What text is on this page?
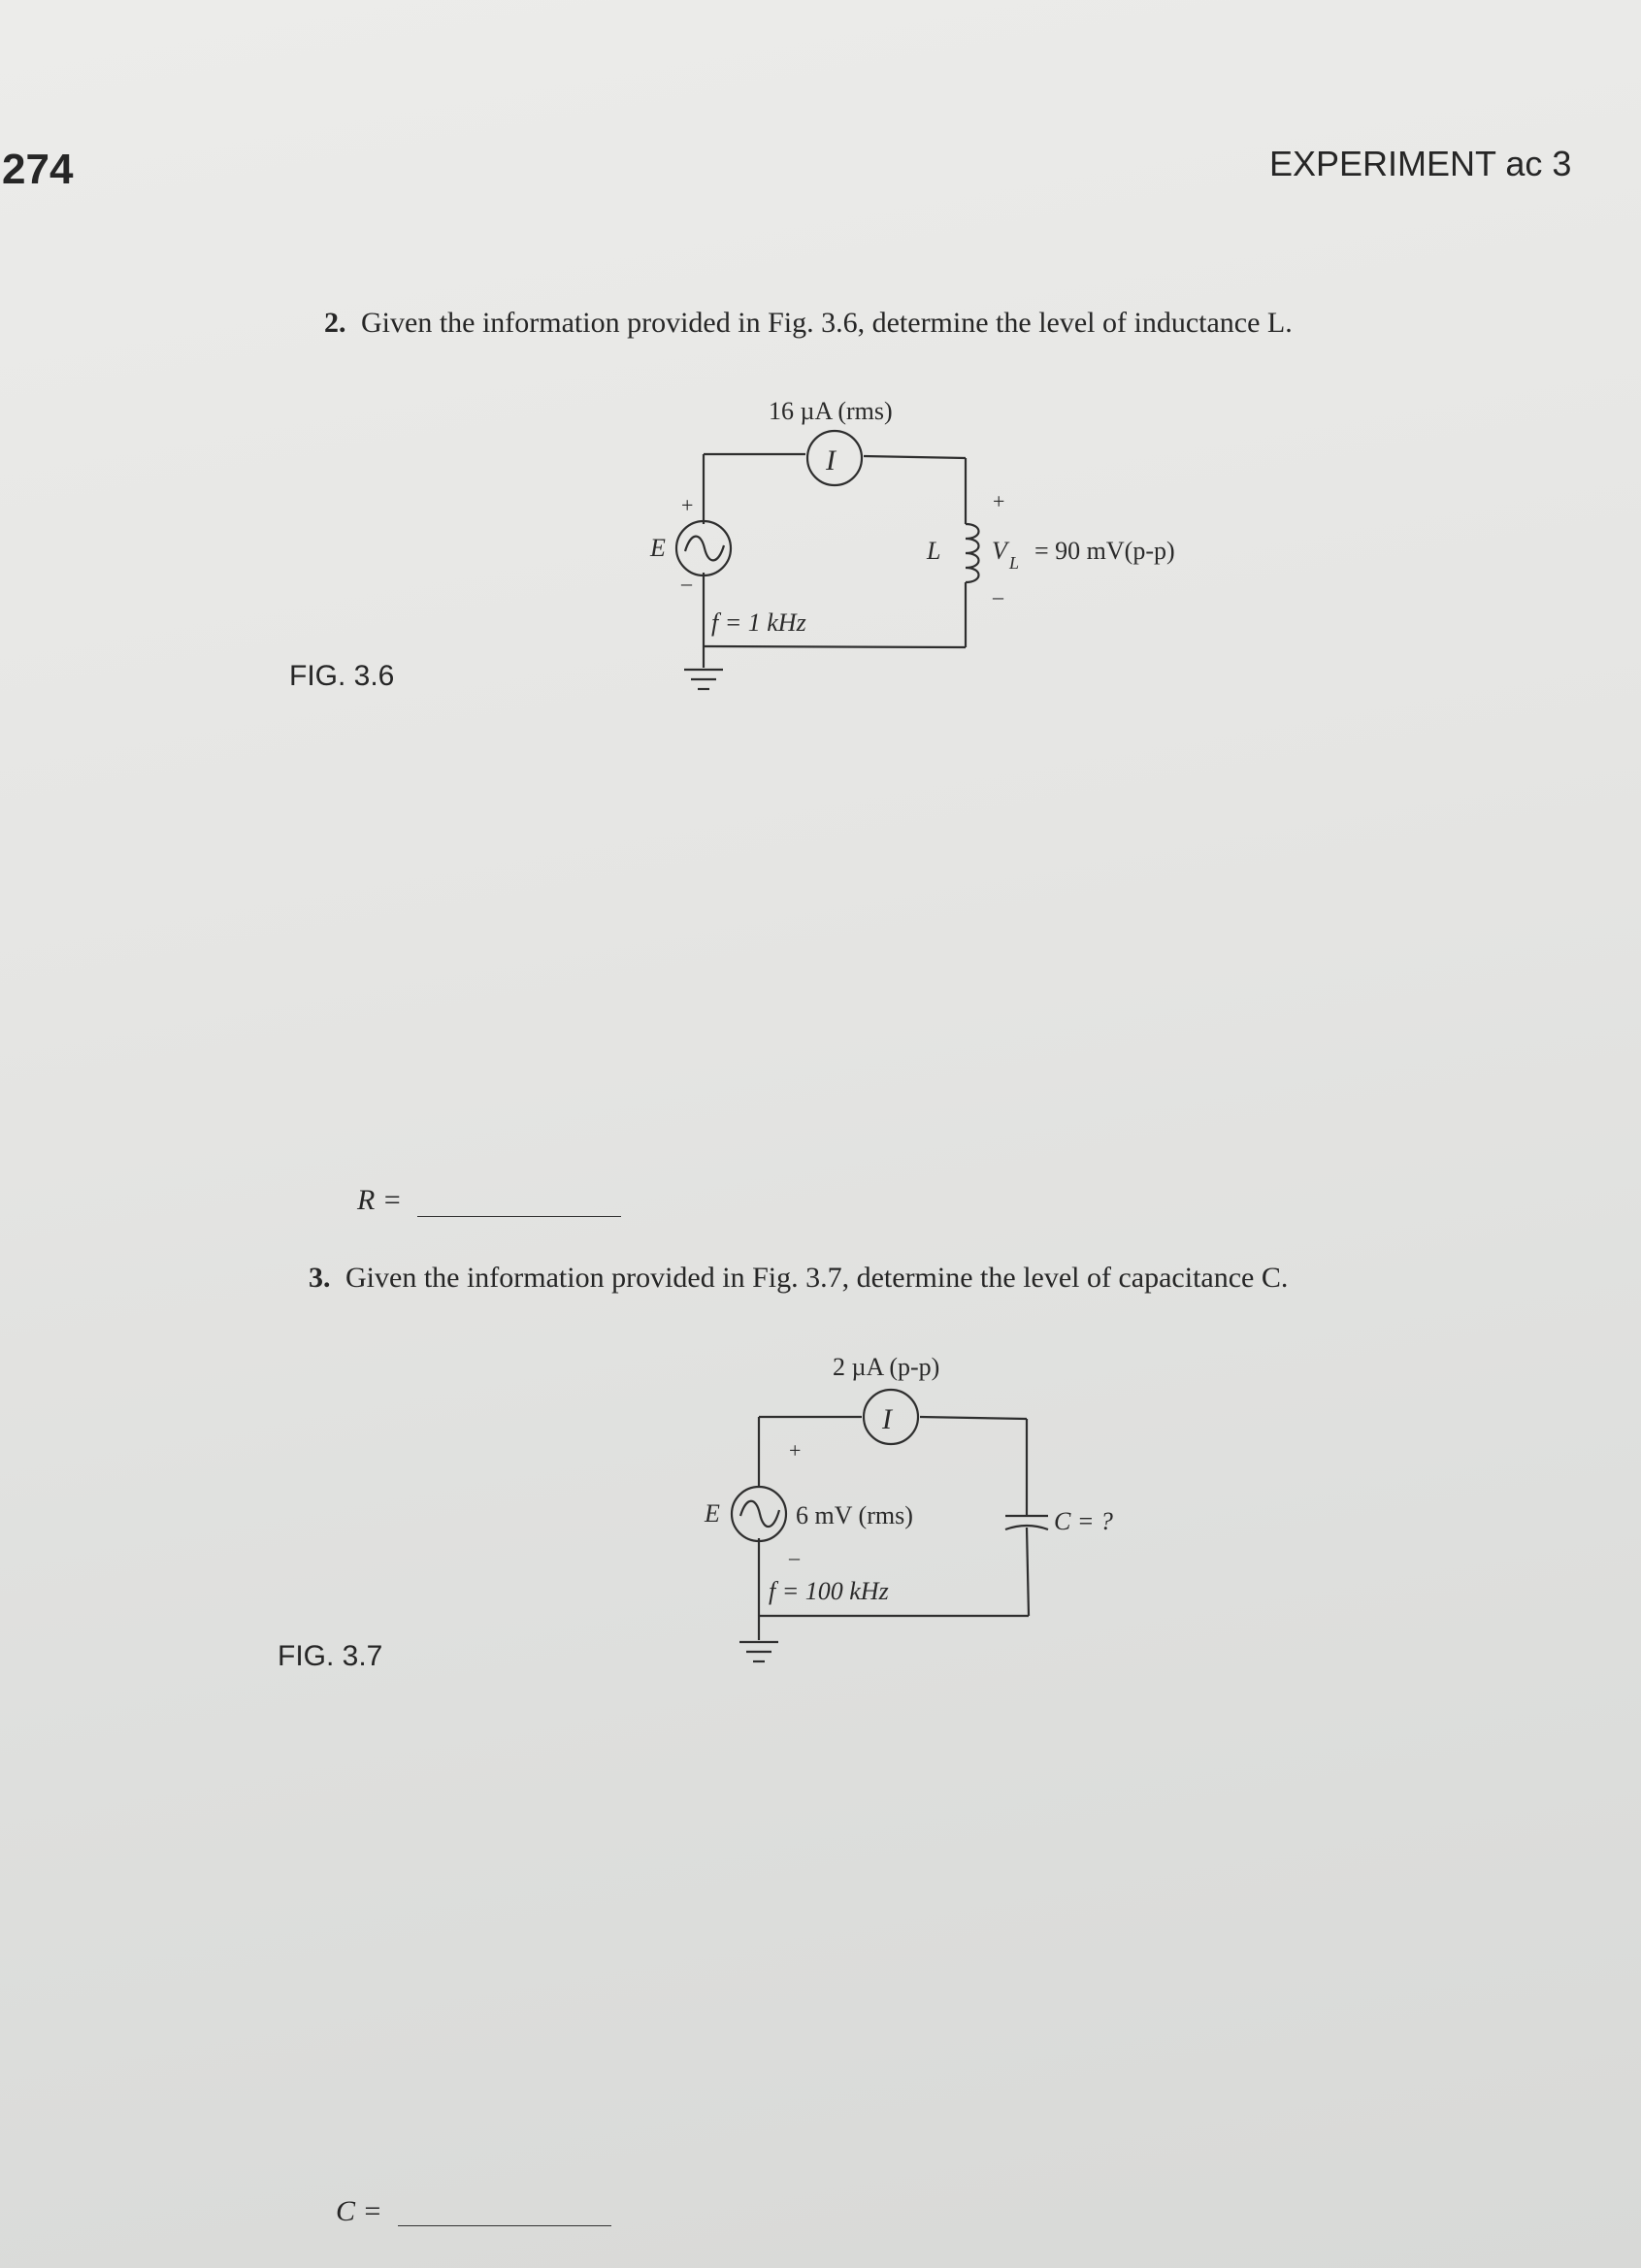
274	EXPERIMENT ac 3
2. Given the information provided in Fig. 3.6, determine the level of inductance L.
FIG. 3.6
I
16 µA (rms)
+
E
–
f = 1 kHz
+
L V L = 90 mV(p-p)
–
R =
3. Given the information provided in Fig. 3.7, determine the level of capacitance C.
FIG. 3.7
I
2 µA (p-p)
+
E	6 mV (rms)
–
f = 100 kHz
C = ?
C =
